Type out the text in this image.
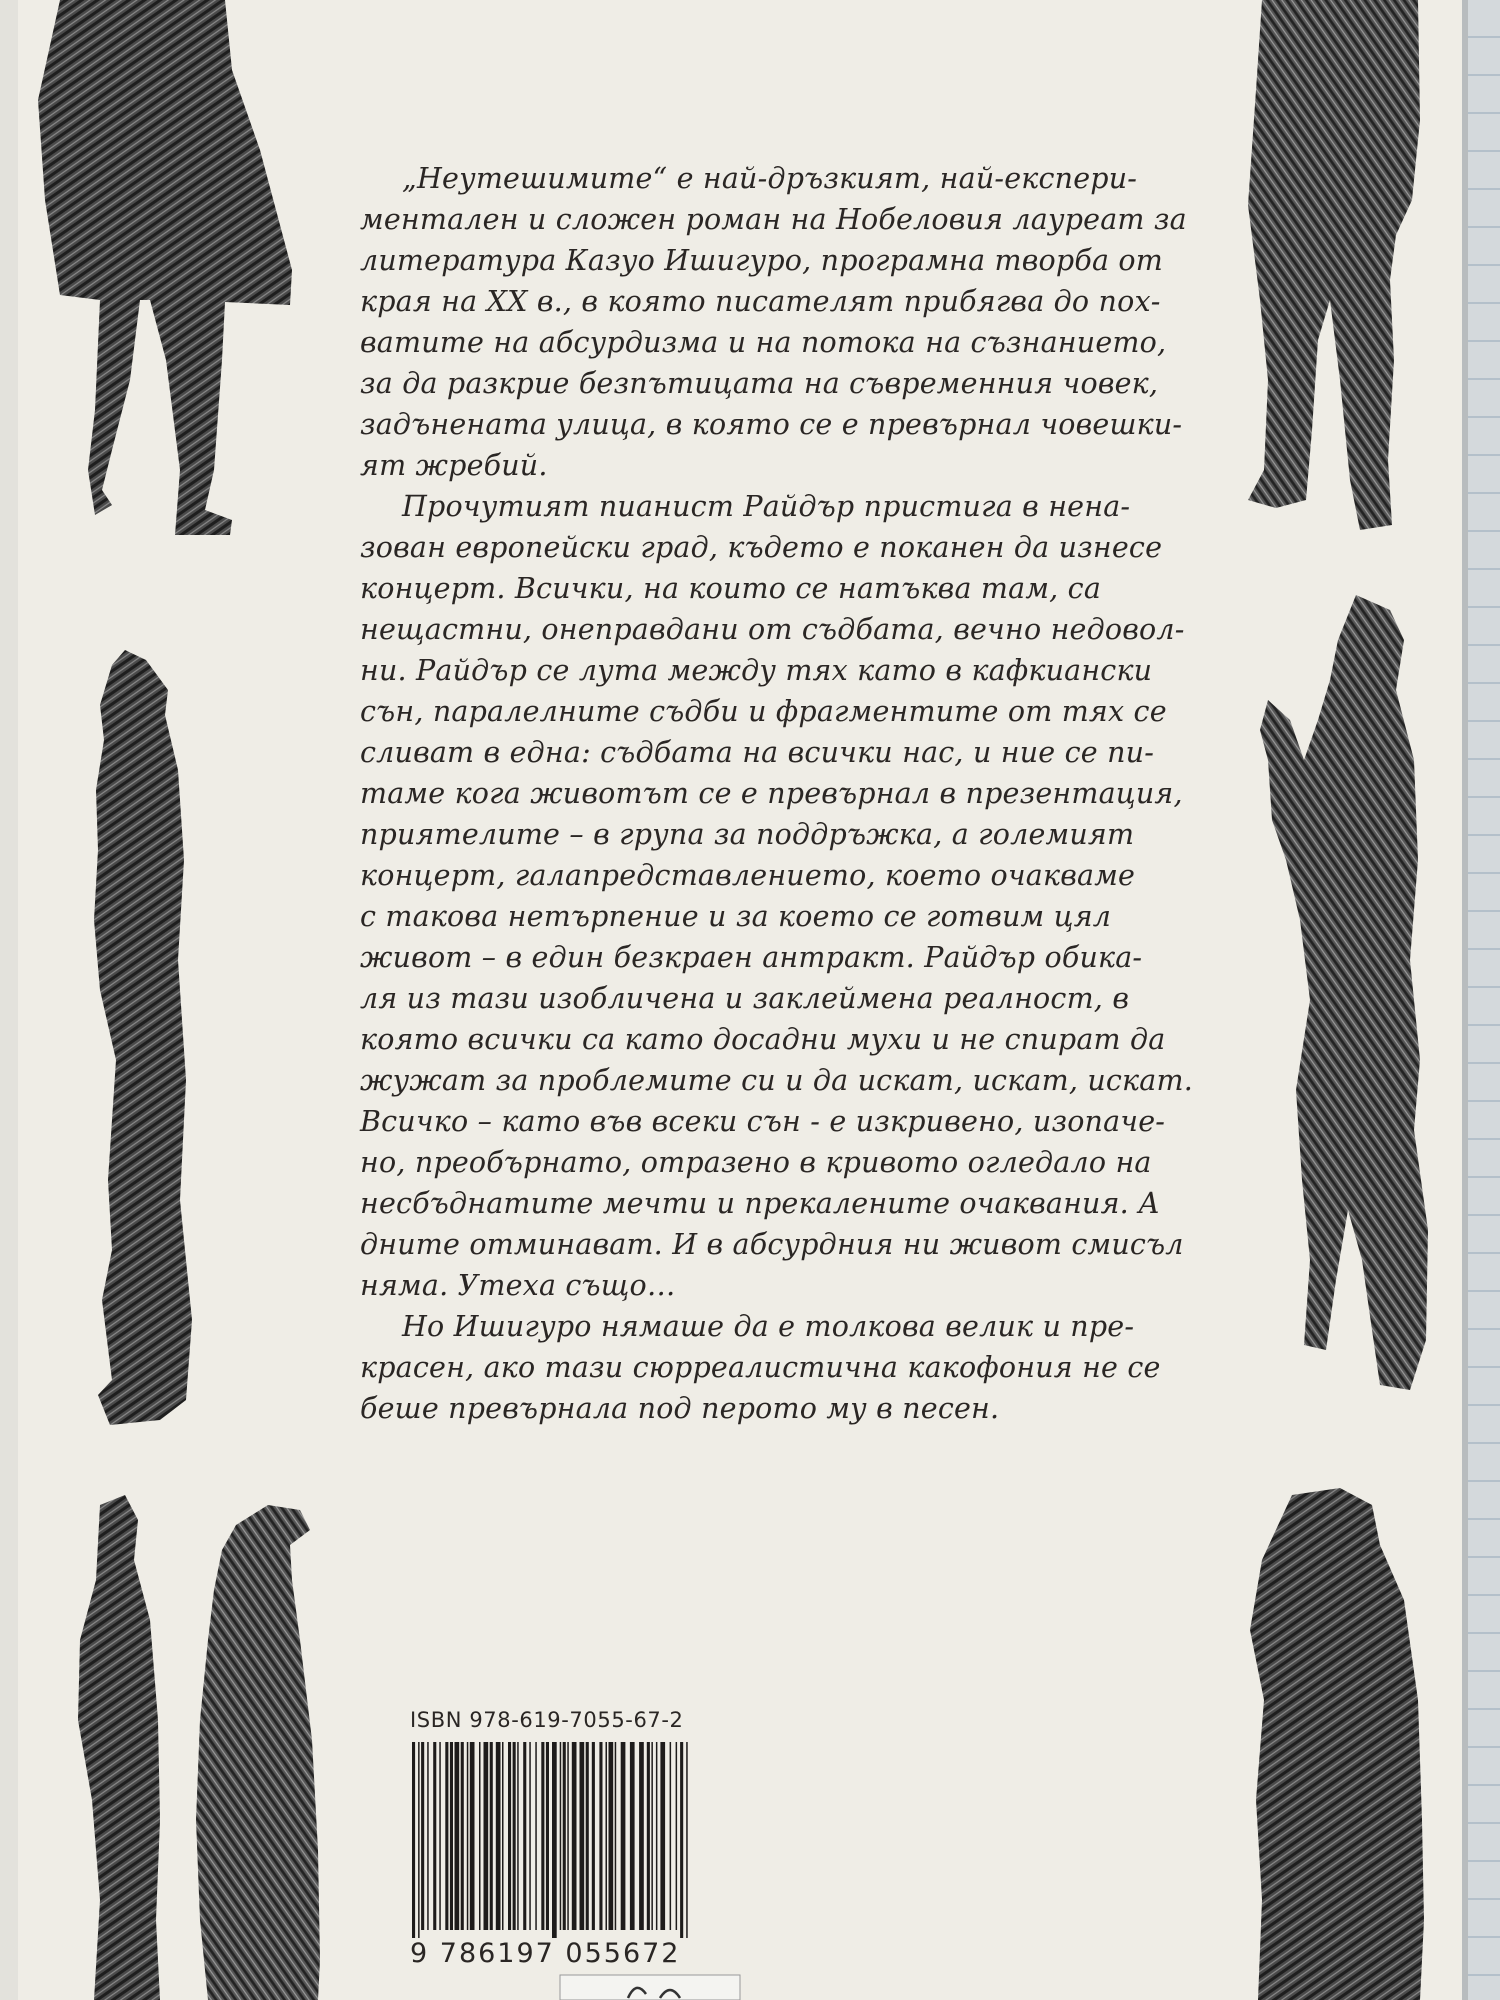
„Неутешимите“ е най-дръзкият, най-експери-
ментален и сложен роман на Нобеловия лауреат за
литература Казуо Ишигуро, програмна творба от
края на XX в., в която писателят прибягва до пох-
ватите на абсурдизма и на потока на съзнанието,
за да разкрие безпътицата на съвременния човек,
задънената улица, в която се е превърнал човешки-
ят жребий.
Прочутият пианист Райдър пристига в нена-
зован европейски град, където е поканен да изнесе
концерт. Всички, на които се натъква там, са
нещастни, онеправдани от съдбата, вечно недовол-
ни. Райдър се лута между тях като в кафкиански
сън, паралелните съдби и фрагментите от тях се
сливат в една: съдбата на всички нас, и ние се пи-
таме кога животът се е превърнал в презентация,
приятелите – в група за поддръжка, а големият
концерт, галапредставлението, което очакваме
с такова нетърпение и за което се готвим цял
живот – в един безкраен антракт. Райдър обика-
ля из тази изобличена и заклеймена реалност, в
която всички са като досадни мухи и не спират да
жужат за проблемите си и да искат, искат, искат.
Всичко – като във всеки сън - е изкривено, изопаче-
но, преобърнато, отразено в кривото огледало на
несбъднатите мечти и прекалените очаквания. А
дните отминават. И в абсурдния ни живот смисъл
няма. Утеха също…
Но Ишигуро нямаше да е толкова велик и пре-
красен, ако тази сюрреалистична какофония не се
беше превърнала под перото му в песен.
ISBN 978-619-7055-67-2
9 786197 055672
